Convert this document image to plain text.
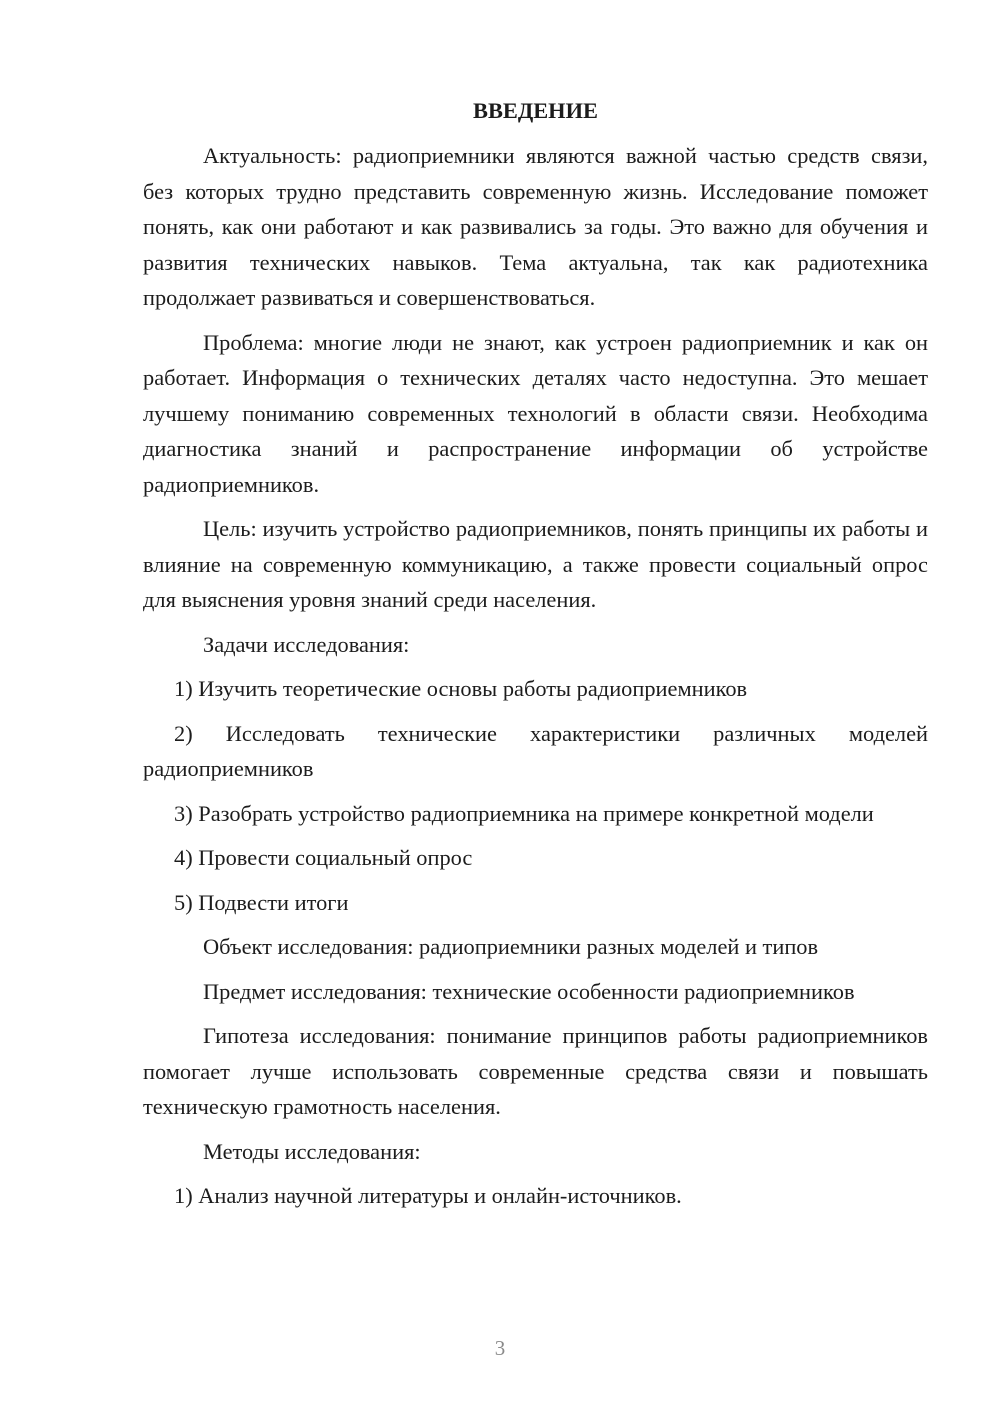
ВВЕДЕНИЕ

Актуальность: радиоприемники являются важной частью средств связи, без которых трудно представить современную жизнь. Исследование поможет понять, как они работают и как развивались за годы. Это важно для обучения и развития технических навыков. Тема актуальна, так как радиотехника продолжает развиваться и совершенствоваться.

Проблема: многие люди не знают, как устроен радиоприемник и как он работает. Информация о технических деталях часто недоступна. Это мешает лучшему пониманию современных технологий в области связи. Необходима диагностика знаний и распространение информации об устройстве радиоприемников.

Цель: изучить устройство радиоприемников, понять принципы их работы и влияние на современную коммуникацию, а также провести социальный опрос для выяснения уровня знаний среди населения.

Задачи исследования:

1) Изучить теоретические основы работы радиоприемников

2) Исследовать технические характеристики различных моделей радиоприемников

3) Разобрать устройство радиоприемника на примере конкретной модели

4) Провести социальный опрос

5) Подвести итоги

Объект исследования: радиоприемники разных моделей и типов

Предмет исследования: технические особенности радиоприемников

Гипотеза исследования: понимание принципов работы радиоприемников помогает лучше использовать современные средства связи и повышать техническую грамотность населения.

Методы исследования:

1) Анализ научной литературы и онлайн-источников.

3
